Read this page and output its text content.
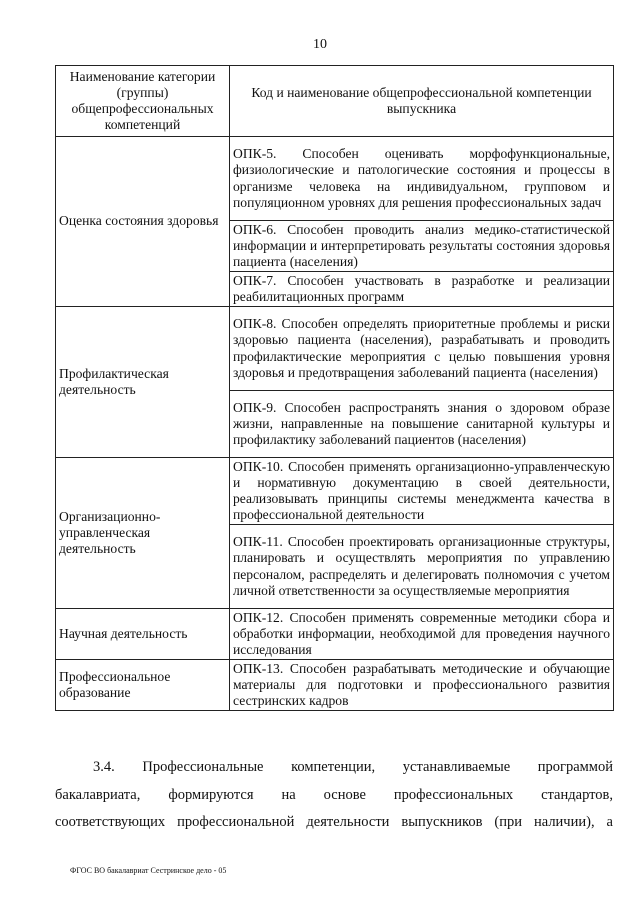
10
Наименование категории (группы) общепрофессиональных компетенций	Код и наименование общепрофессиональной компетенции выпускника
Оценка состояния здоровья	ОПК-5. Способен оценивать морфофункциональные, физиологические и патологические состояния и процессы в организме человека на индивидуальном, групповом и популяционном уровнях для решения профессиональных задач
	ОПК-6. Способен проводить анализ медико-статистической информации и интерпретировать результаты состояния здоровья пациента (населения)
	ОПК-7. Способен участвовать в разработке и реализации реабилитационных программ
Профилактическая деятельность	ОПК-8. Способен определять приоритетные проблемы и риски здоровью пациента (населения), разрабатывать и проводить профилактические мероприятия с целью повышения уровня здоровья и предотвращения заболеваний пациента (населения)
	ОПК-9. Способен распространять знания о здоровом образе жизни, направленные на повышение санитарной культуры и профилактику заболеваний пациентов (населения)
Организационно-управленческая деятельность	ОПК-10. Способен применять организационно-управленческую и нормативную документацию в своей деятельности, реализовывать принципы системы менеджмента качества в профессиональной деятельности
	ОПК-11. Способен проектировать организационные структуры, планировать и осуществлять мероприятия по управлению персоналом, распределять и делегировать полномочия с учетом личной ответственности за осуществляемые мероприятия
Научная деятельность	ОПК-12. Способен применять современные методики сбора и обработки информации, необходимой для проведения научного исследования
Профессиональное образование	ОПК-13. Способен разрабатывать методические и обучающие материалы для подготовки и профессионального развития сестринских кадров
3.4. Профессиональные компетенции, устанавливаемые программой
бакалавриата, формируются на основе профессиональных стандартов,
соответствующих профессиональной деятельности выпускников (при наличии), а
ФГОС ВО бакалавриат Сестринское дело - 05
